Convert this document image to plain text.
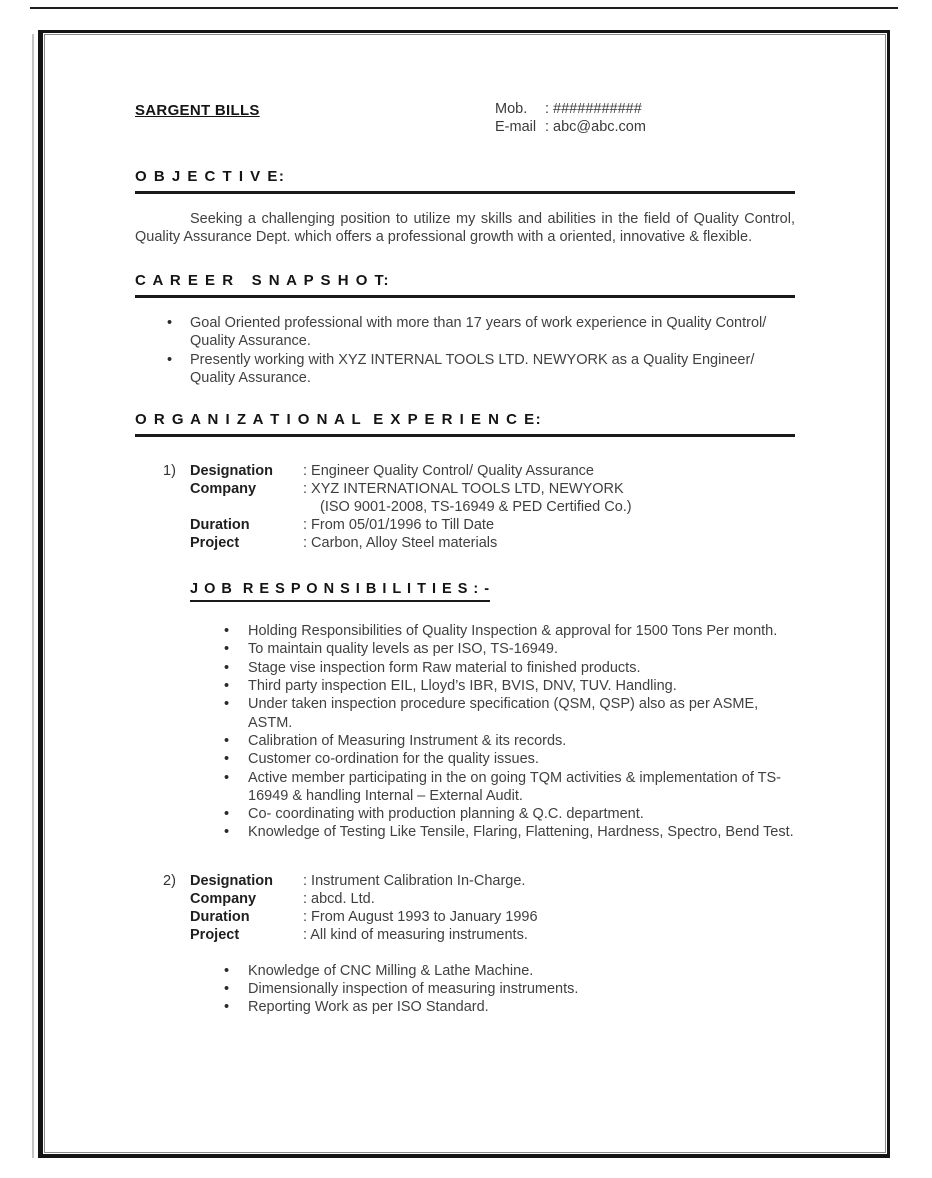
SARGENT BILLS	Mob.	: ###########
E-mail : abc@abc.com
O B J E C T I V E:
Seeking a challenging position to utilize my skills and abilities in the field of Quality Control, Quality Assurance Dept. which offers a professional growth with a oriented, innovative & flexible.
C A R E E R   S N A P S H O T:
• Goal Oriented professional with more than 17 years of work experience in Quality Control/ Quality Assurance.
• Presently working with XYZ INTERNAL TOOLS LTD. NEWYORK as a Quality Engineer/ Quality Assurance.
O R G A N I Z A T I O N A L  E X P E R I E N C E:
1) Designation	: Engineer Quality Control/ Quality Assurance
Company	: XYZ INTERNATIONAL TOOLS LTD, NEWYORK
(ISO 9001-2008, TS-16949 & PED Certified Co.)
Duration	: From 05/01/1996 to Till Date
Project	: Carbon, Alloy Steel materials
J O B  R E S P O N S I B I L I T I E S : -
• Holding Responsibilities of Quality Inspection & approval for 1500 Tons Per month.
• To maintain quality levels as per ISO, TS-16949.
• Stage vise inspection form Raw material to finished products.
• Third party inspection EIL, Lloyd’s IBR, BVIS, DNV, TUV. Handling.
• Under taken inspection procedure specification (QSM, QSP) also as per ASME, ASTM.
• Calibration of Measuring Instrument & its records.
• Customer co-ordination for the quality issues.
• Active member participating in the on going TQM activities & implementation of TS-16949 & handling Internal – External Audit.
• Co- coordinating with production planning & Q.C. department.
• Knowledge of Testing Like Tensile, Flaring, Flattening, Hardness, Spectro, Bend Test.
2) Designation	: Instrument Calibration In-Charge.
Company	: abcd. Ltd.
Duration	: From August 1993 to January 1996
Project	: All kind of measuring instruments.
• Knowledge of CNC Milling & Lathe Machine.
• Dimensionally inspection of measuring instruments.
• Reporting Work as per ISO Standard.
